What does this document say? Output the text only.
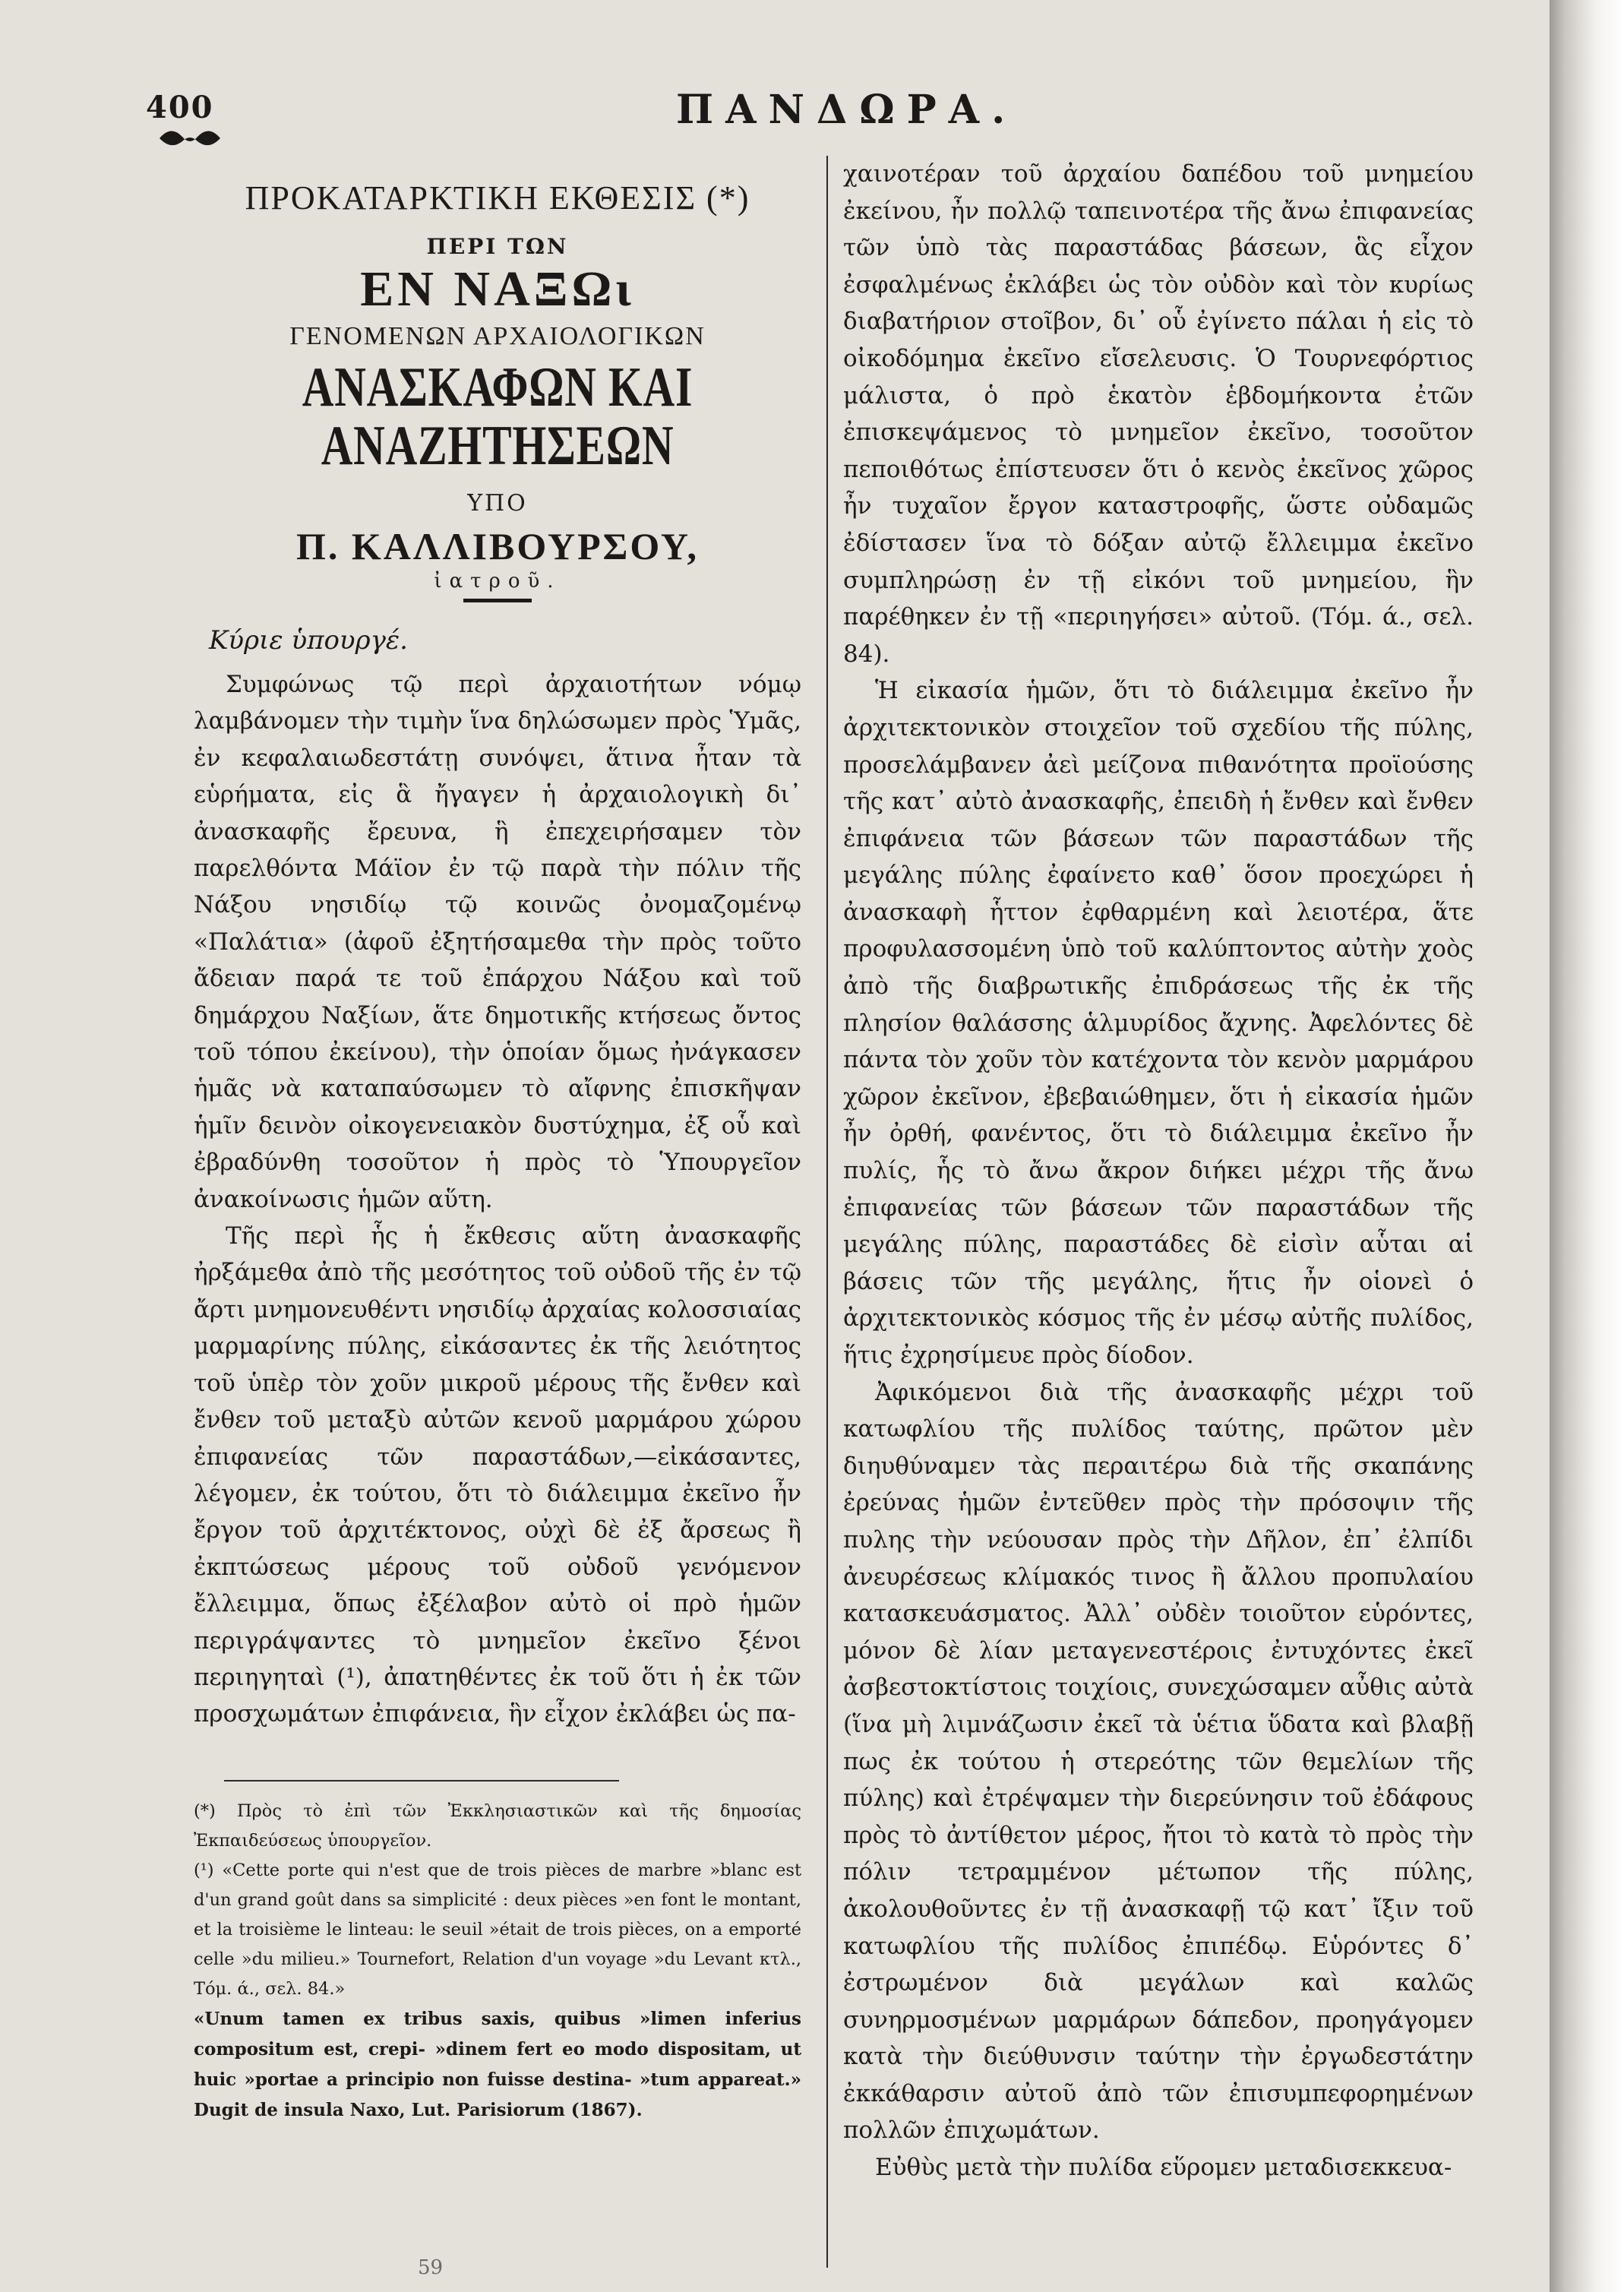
400	ΠΑΝΔΩΡΑ.
ΠΡΟΚΑΤΑΡΚΤΙΚΗ ΕΚΘΕΣΙΣ (*)
ΠΕΡΙ ΤΩΝ
ΕΝ ΝΑΞΩι
ΓΕΝΟΜΕΝΩΝ ΑΡΧΑΙΟΛΟΓΙΚΩΝ
ΑΝΑΣΚΑΦΩΝ ΚΑΙ ΑΝΑΖΗΤΗΣΕΩΝ
ΥΠΟ
Π. ΚΑΛΛΙΒΟΥΡΣΟΥ,
ἰατροῦ.
Κύριε ὑπουργέ.

Συμφώνως τῷ περὶ ἀρχαιοτήτων νόμῳ λαμβάνομεν τὴν τιμὴν ἵνα δηλώσωμεν πρὸς Ὑμᾶς, ἐν κεφαλαιωδεστάτῃ συνόψει, ἅτινα ἦταν τὰ εὑρήματα, εἰς ἃ ἤγαγεν ἡ ἀρχαιολογικὴ δι᾽ ἀνασκαφῆς ἔρευνα, ἣ ἐπεχειρήσαμεν τὸν παρελθόντα Μάϊον ἐν τῷ παρὰ τὴν πόλιν τῆς Νάξου νησιδίῳ τῷ κοινῶς ὀνομαζομένῳ «Παλάτια» (ἀφοῦ ἐξητήσαμεθα τὴν πρὸς τοῦτο ἄδειαν παρά τε τοῦ ἐπάρχου Νάξου καὶ τοῦ δημάρχου Ναξίων, ἅτε δημοτικῆς κτήσεως ὄντος τοῦ τόπου ἐκείνου), τὴν ὁποίαν ὅμως ἠνάγκασεν ἡμᾶς νὰ καταπαύσωμεν τὸ αἴφνης ἐπισκῆψαν ἡμῖν δεινὸν οἰκογενειακὸν δυστύχημα, ἐξ οὗ καὶ ἐβραδύνθη τοσοῦτον ἡ πρὸς τὸ Ὑπουργεῖον ἀνακοίνωσις ἡμῶν αὕτη.

Τῆς περὶ ἧς ἡ ἔκθεσις αὕτη ἀνασκαφῆς ἠρξάμεθα ἀπὸ τῆς μεσότητος τοῦ οὐδοῦ τῆς ἐν τῷ ἄρτι μνημονευθέντι νησιδίῳ ἀρχαίας κολοσσιαίας μαρμαρίνης πύλης, εἰκάσαντες ἐκ τῆς λειότητος τοῦ ὑπὲρ τὸν χοῦν μικροῦ μέρους τῆς ἔνθεν καὶ ἔνθεν τοῦ μεταξὺ αὐτῶν κενοῦ μαρμάρου χώρου ἐπιφανείας τῶν παραστάδων,—εἰκάσαντες, λέγομεν, ἐκ τούτου, ὅτι τὸ διάλειμμα ἐκεῖνο ἦν ἔργον τοῦ ἀρχιτέκτονος, οὐχὶ δὲ ἐξ ἄρσεως ἢ ἐκπτώσεως μέρους τοῦ οὐδοῦ γενόμενον ἔλλειμμα, ὅπως ἐξέλαβον αὐτὸ οἱ πρὸ ἡμῶν περιγράψαντες τὸ μνημεῖον ἐκεῖνο ξένοι περιηγηταὶ (¹), ἀπατηθέντες ἐκ τοῦ ὅτι ἡ ἐκ τῶν προσχωμάτων ἐπιφάνεια, ἣν εἶχον ἐκλάβει ὡς πα-

(*) Πρὸς τὸ ἐπὶ τῶν Ἐκκλησιαστικῶν καὶ τῆς δημοσίας Ἐκπαιδεύσεως ὑπουργεῖον.

(¹) «Cette porte qui n'est que de trois pièces de marbre »blanc est d'un grand goût dans sa simplicité : deux pièces »en font le montant, et la troisième le linteau: le seuil »était de trois pièces, on a emporté celle »du milieu.» Tournefort, Relation d'un voyage »du Levant κτλ., Τόμ. ά., σελ. 84.»

«Unum tamen ex tribus saxis, quibus »limen inferius compositum est, crepi- »dinem fert eo modo dispositam, ut huic »portae a principio non fuisse destina- »tum appareat.» Dugit de insula Naxo, Lut. Parisiorum (1867).

χαινοτέραν τοῦ ἀρχαίου δαπέδου τοῦ μνημείου ἐκείνου, ἦν πολλῷ ταπεινοτέρα τῆς ἄνω ἐπιφανείας τῶν ὑπὸ τὰς παραστάδας βάσεων, ἃς εἶχον ἐσφαλμένως ἐκλάβει ὡς τὸν οὐδὸν καὶ τὸν κυρίως διαβατήριον στοῖβον, δι᾽ οὗ ἐγίνετο πάλαι ἡ εἰς τὸ οἰκοδόμημα ἐκεῖνο εἴσελευσις. Ὁ Τουρνεφόρτιος μάλιστα, ὁ πρὸ ἑκατὸν ἑβδομήκοντα ἐτῶν ἐπισκεψάμενος τὸ μνημεῖον ἐκεῖνο, τοσοῦτον πεποιθότως ἐπίστευσεν ὅτι ὁ κενὸς ἐκεῖνος χῶρος ἦν τυχαῖον ἔργον καταστροφῆς, ὥστε οὐδαμῶς ἐδίστασεν ἵνα τὸ δόξαν αὐτῷ ἔλλειμμα ἐκεῖνο συμπληρώσῃ ἐν τῇ εἰκόνι τοῦ μνημείου, ἣν παρέθηκεν ἐν τῇ «περιηγήσει» αὐτοῦ. (Τόμ. ά., σελ. 84).

Ἡ εἰκασία ἡμῶν, ὅτι τὸ διάλειμμα ἐκεῖνο ἦν ἀρχιτεκτονικὸν στοιχεῖον τοῦ σχεδίου τῆς πύλης, προσελάμβανεν ἀεὶ μείζονα πιθανότητα προϊούσης τῆς κατ᾽ αὐτὸ ἀνασκαφῆς, ἐπειδὴ ἡ ἔνθεν καὶ ἔνθεν ἐπιφάνεια τῶν βάσεων τῶν παραστάδων τῆς μεγάλης πύλης ἐφαίνετο καθ᾽ ὅσον προεχώρει ἡ ἀνασκαφὴ ἧττον ἐφθαρμένη καὶ λειοτέρα, ἅτε προφυλασσομένη ὑπὸ τοῦ καλύπτοντος αὐτὴν χοὸς ἀπὸ τῆς διαβρωτικῆς ἐπιδράσεως τῆς ἐκ τῆς πλησίον θαλάσσης ἁλμυρίδος ἄχνης. Ἀφελόντες δὲ πάντα τὸν χοῦν τὸν κατέχοντα τὸν κενὸν μαρμάρου χῶρον ἐκεῖνον, ἐβεβαιώθημεν, ὅτι ἡ εἰκασία ἡμῶν ἦν ὀρθή, φανέντος, ὅτι τὸ διάλειμμα ἐκεῖνο ἦν πυλίς, ἧς τὸ ἄνω ἄκρον διήκει μέχρι τῆς ἄνω ἐπιφανείας τῶν βάσεων τῶν παραστάδων τῆς μεγάλης πύλης, παραστάδες δὲ εἰσὶν αὗται αἱ βάσεις τῶν τῆς μεγάλης, ἥτις ἦν οἱονεὶ ὁ ἀρχιτεκτονικὸς κόσμος τῆς ἐν μέσῳ αὐτῆς πυλίδος, ἥτις ἐχρησίμευε πρὸς δίοδον.

Ἀφικόμενοι διὰ τῆς ἀνασκαφῆς μέχρι τοῦ κατωφλίου τῆς πυλίδος ταύτης, πρῶτον μὲν διηυθύναμεν τὰς περαιτέρω διὰ τῆς σκαπάνης ἐρεύνας ἡμῶν ἐντεῦθεν πρὸς τὴν πρόσοψιν τῆς πυλης τὴν νεύουσαν πρὸς τὴν Δῆλον, ἐπ᾽ ἐλπίδι ἀνευρέσεως κλίμακός τινος ἢ ἄλλου προπυλαίου κατασκευάσματος. Ἀλλ᾽ οὐδὲν τοιοῦτον εὑρόντες, μόνον δὲ λίαν μεταγενεστέροις ἐντυχόντες ἐκεῖ ἀσβεστοκτίστοις τοιχίοις, συνεχώσαμεν αὖθις αὐτὰ (ἵνα μὴ λιμνάζωσιν ἐκεῖ τὰ ὑέτια ὕδατα καὶ βλαβῇ πως ἐκ τούτου ἡ στερεότης τῶν θεμελίων τῆς πύλης) καὶ ἐτρέψαμεν τὴν διερεύνησιν τοῦ ἐδάφους πρὸς τὸ ἀντίθετον μέρος, ἤτοι τὸ κατὰ τὸ πρὸς τὴν πόλιν τετραμμένον μέτωπον τῆς πύλης, ἀκολουθοῦντες ἐν τῇ ἀνασκαφῇ τῷ κατ᾽ ἴξιν τοῦ κατωφλίου τῆς πυλίδος ἐπιπέδῳ. Εὑρόντες δ᾽ ἐστρωμένον διὰ μεγάλων καὶ καλῶς συνηρμοσμένων μαρμάρων δάπεδον, προηγάγομεν κατὰ τὴν διεύθυνσιν ταύτην τὴν ἐργωδεστάτην ἐκκάθαρσιν αὐτοῦ ἀπὸ τῶν ἐπισυμπεφορημένων πολλῶν ἐπιχωμάτων.

Εὐθὺς μετὰ τὴν πυλίδα εὕρομεν μεταδισεκκευα-

59
